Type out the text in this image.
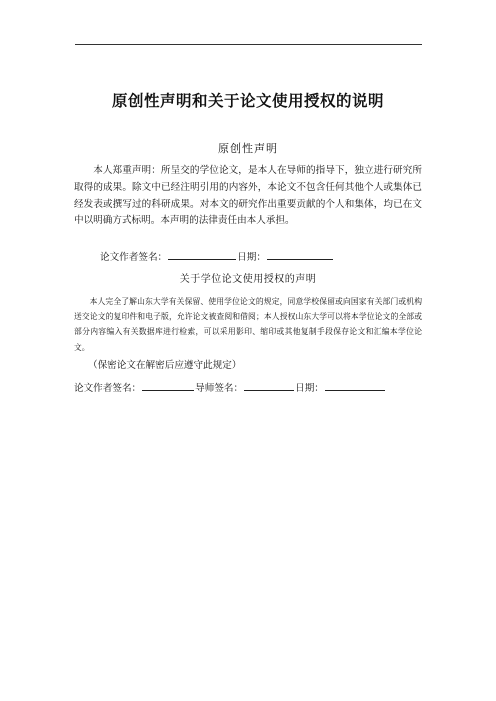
原创性声明和关于论文使用授权的说明
原创性声明

本人郑重声明：所呈交的学位论文，是本人在导师的指导下，独立进行研究所取得的成果。除文中已经注明引用的内容外，本论文不包含任何其他个人或集体已经发表或撰写过的科研成果。对本文的研究作出重要贡献的个人和集体，均已在文中以明确方式标明。本声明的法律责任由本人承担。

论文作者签名：	日期：
关于学位论文使用授权的声明

本人完全了解山东大学有关保留、使用学位论文的规定，同意学校保留或向国家有关部门或机构送交论文的复印件和电子版，允许论文被查阅和借阅；本人授权山东大学可以将本学位论文的全部或部分内容编入有关数据库进行检索，可以采用影印、缩印或其他复制手段保存论文和汇编本学位论文。

（保密论文在解密后应遵守此规定）
论文作者签名：	导师签名：	日期：
